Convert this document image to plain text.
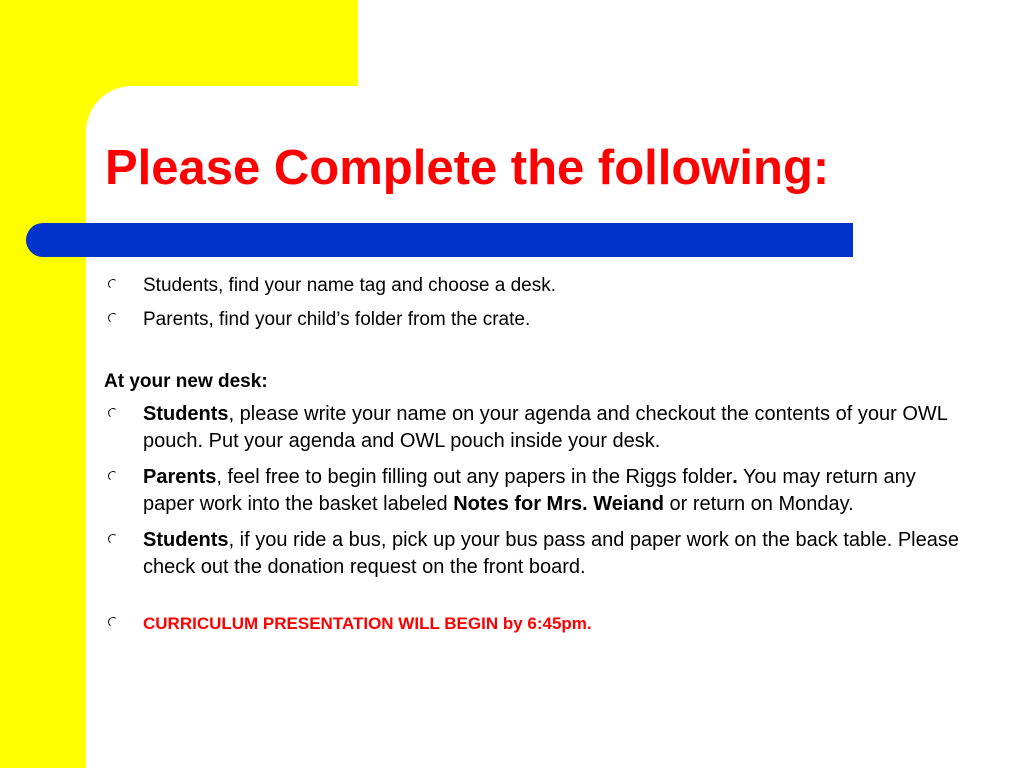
Please Complete the following:
Students, find your name tag and choose a desk.
Parents, find your child’s folder from the crate.
At your new desk:
Students, please write your name on your agenda and checkout the contents of your OWL pouch. Put your agenda and OWL pouch inside your desk.
Parents, feel free to begin filling out any papers in the Riggs folder. You may return any paper work into the basket labeled Notes for Mrs. Weiand or return on Monday.
Students, if you ride a bus, pick up your bus pass and paper work on the back table. Please check out the donation request on the front board.
CURRICULUM PRESENTATION WILL BEGIN by 6:45pm.
